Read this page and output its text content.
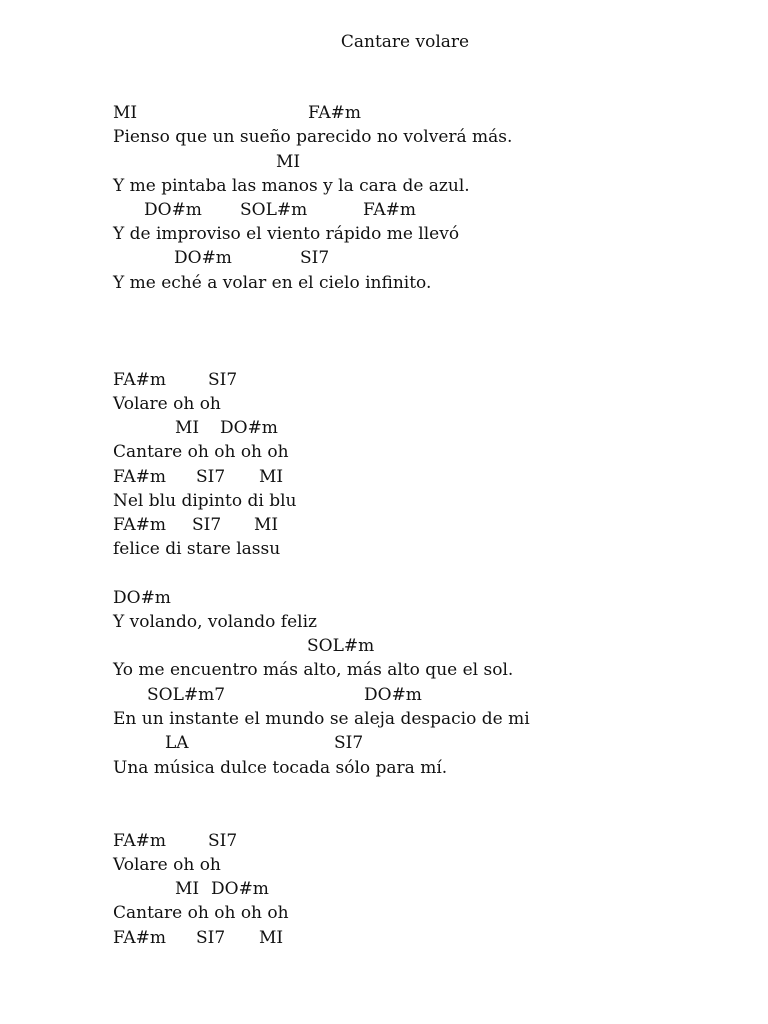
Cantare volare
MI	FA#m
Pienso que un sueño parecido no volverá más.
MI
Y me pintaba las manos y la cara de azul.
DO#m SOL#m	FA#m
Y de improviso el viento rápido me llevó
DO#m	SI7
Y me eché a volar en el cielo infinito.
FA#m SI7
Volare oh oh
MI DO#m
Cantare oh oh oh oh
FA#m SI7 MI
Nel blu dipinto di blu
FA#m SI7 MI
felice di stare lassu
DO#m
Y volando, volando feliz
SOL#m
Yo me encuentro más alto, más alto que el sol.
SOL#m7	DO#m
En un instante el mundo se aleja despacio de mi
LA	SI7
Una música dulce tocada sólo para mí.
FA#m SI7
Volare oh oh
MI DO#m
Cantare oh oh oh oh
FA#m SI7 MI
